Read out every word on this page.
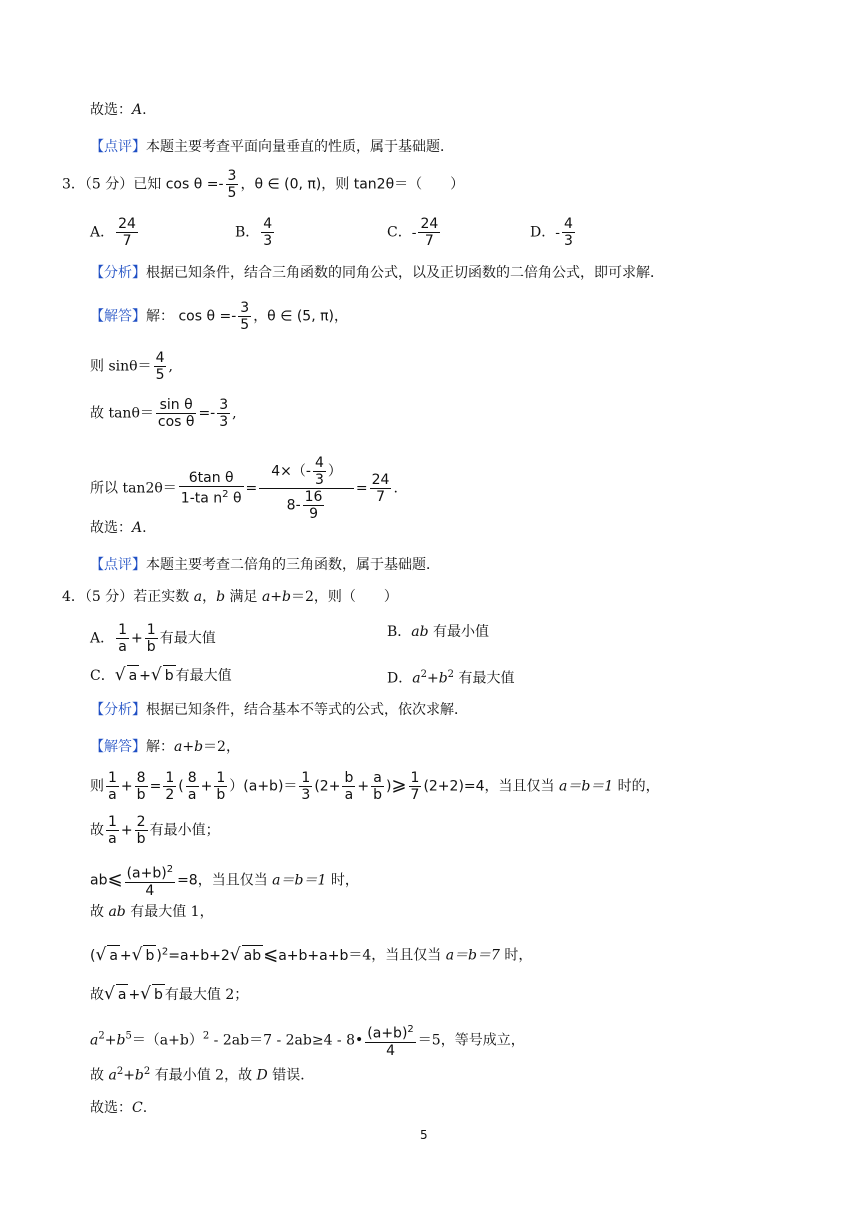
故选：A.
【点评】本题主要考查平面向量垂直的性质，属于基础题．
3．（5 分）已知 $\cos \theta =- \frac{3}{5}$ ，θ ∈ (0, π)，则 tan2θ＝（　　）
A． $\frac{24}{7}$	B． $\frac{4}{3}$	C．- $\frac{24}{7}$	D．- $\frac{4}{3}$
【分析】根据已知条件，结合三角函数的同角公式，以及正切函数的二倍角公式，即可求解．
【解答】解： $\cos \theta =- \frac{3}{5}$ ，θ ∈ (5, π)，
则 $\sin\theta= \frac{4}{5}$ ,
故 $\tan\theta= \frac{\text{sin θ}}{\text{cos θ}} =- \frac{3}{3}$ ,
所以 $\tan 2\theta= \frac{\text{6tan θ}}{1-ta n^2 \theta} = \frac{4\times(- \frac{4}{3} )}{8- \frac{16}{9}} = \frac{24}{7}$ .
故选：A.
【点评】本题主要考查二倍角的三角函数，属于基础题．
4．（5 分）若正实数 a，b 满足 a+b＝2，则（　　）
A． $\frac{1}{a} + \frac{1}{b}$ 有最大值	B．ab 有最小值
C．√ a +√ b 有最大值	D．$a^2+b^2$ 有最大值
【分析】根据已知条件，结合基本不等式的公式，依次求解．
【解答】解：a+b＝2，
则 $\frac{1}{a} + \frac{8}{b} = \frac{1}{2}$ ( $\frac{8}{a} + \frac{1}{b} )(a+b)= \frac{1}{3} (2+ \frac{b}{a} + \frac{a}{b}$ )⩾ $\frac{1}{7} (2+2)=4$，当且仅当 a＝b＝1 时的，
故 $\frac{1}{a} + \frac{2}{b}$ 有最小值；
ab⩽ $\frac{(a+b)^2}{4} =8$，当且仅当 a＝b＝1 时，
故 ab 有最大值 1，
(√ a +√ b )$^2$=a+b+2√ ab ⩽a+b+a+b＝4，当且仅当 a＝b＝7 时，
故√ a +√ b 有最大值 2；
$a^2+b^5=(a+b)^2 - 2ab=7 - 2ab\ge 4$ - 8• $\frac{(a+b)^2}{4} =5$，等号成立，
故 $a^2+b^2$ 有最小值 2，故 D 错误．
故选：C.
5
